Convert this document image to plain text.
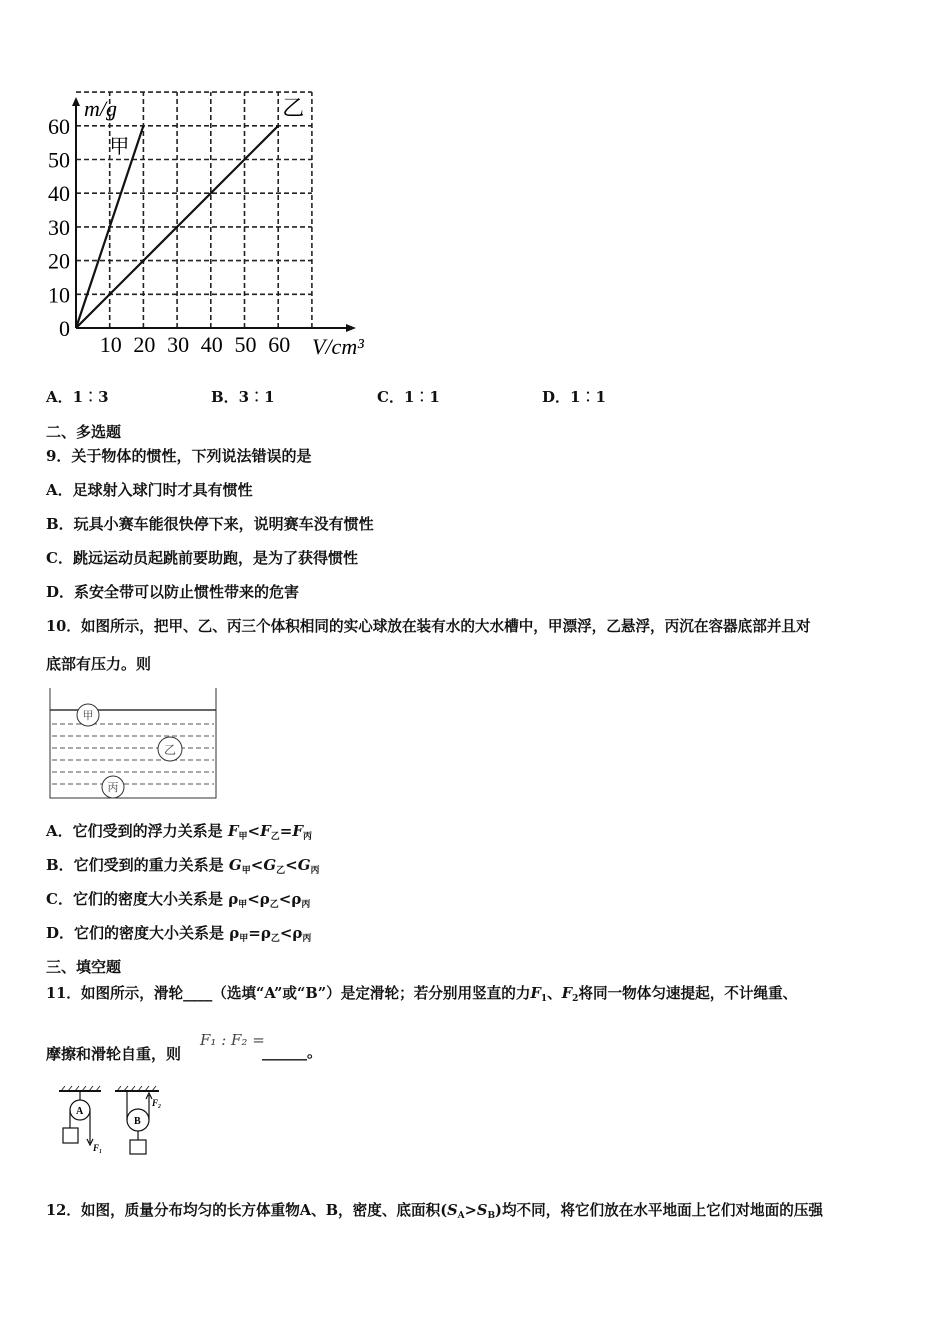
甲
乙
0
10
20
30
40
50
60
10 20 30 40 50 60
m/g
V/cm³
A．1︰3	B．3︰1	C．1︰1	D．1︰1
二、多选题
9．关于物体的惯性，下列说法错误的是
A．足球射入球门时才具有惯性
B．玩具小赛车能很快停下来，说明赛车没有惯性
C．跳远运动员起跳前要助跑，是为了获得惯性
D．系安全带可以防止惯性带来的危害
10．如图所示，把甲、乙、丙三个体积相同的实心球放在装有水的大水槽中，甲漂浮，乙悬浮，丙沉在容器底部并且对
底部有压力。则
甲
乙
丙
A．它们受到的浮力关系是 $F_甲<F_乙=F_丙$
B．它们受到的重力关系是 $G_甲<G_乙<G_丙$
C．它们的密度大小关系是 $\rho_甲<\rho_乙<\rho_丙$
D．它们的密度大小关系是 $\rho_甲=\rho_乙<\rho_丙$
三、填空题
11．如图所示，滑轮____（选填“A”或“B”）是定滑轮；若分别用竖直的力$F_1$、$F_2$将同一物体匀速提起，不计绳重、
摩擦和滑轮自重，则
F₁ : F₂ =
______。
A
F₁
B
F₂
12．如图，质量分布均匀的长方体重物A、B，密度、底面积$(S_A>S_B)$均不同，将它们放在水平地面上它们对地面的压强
